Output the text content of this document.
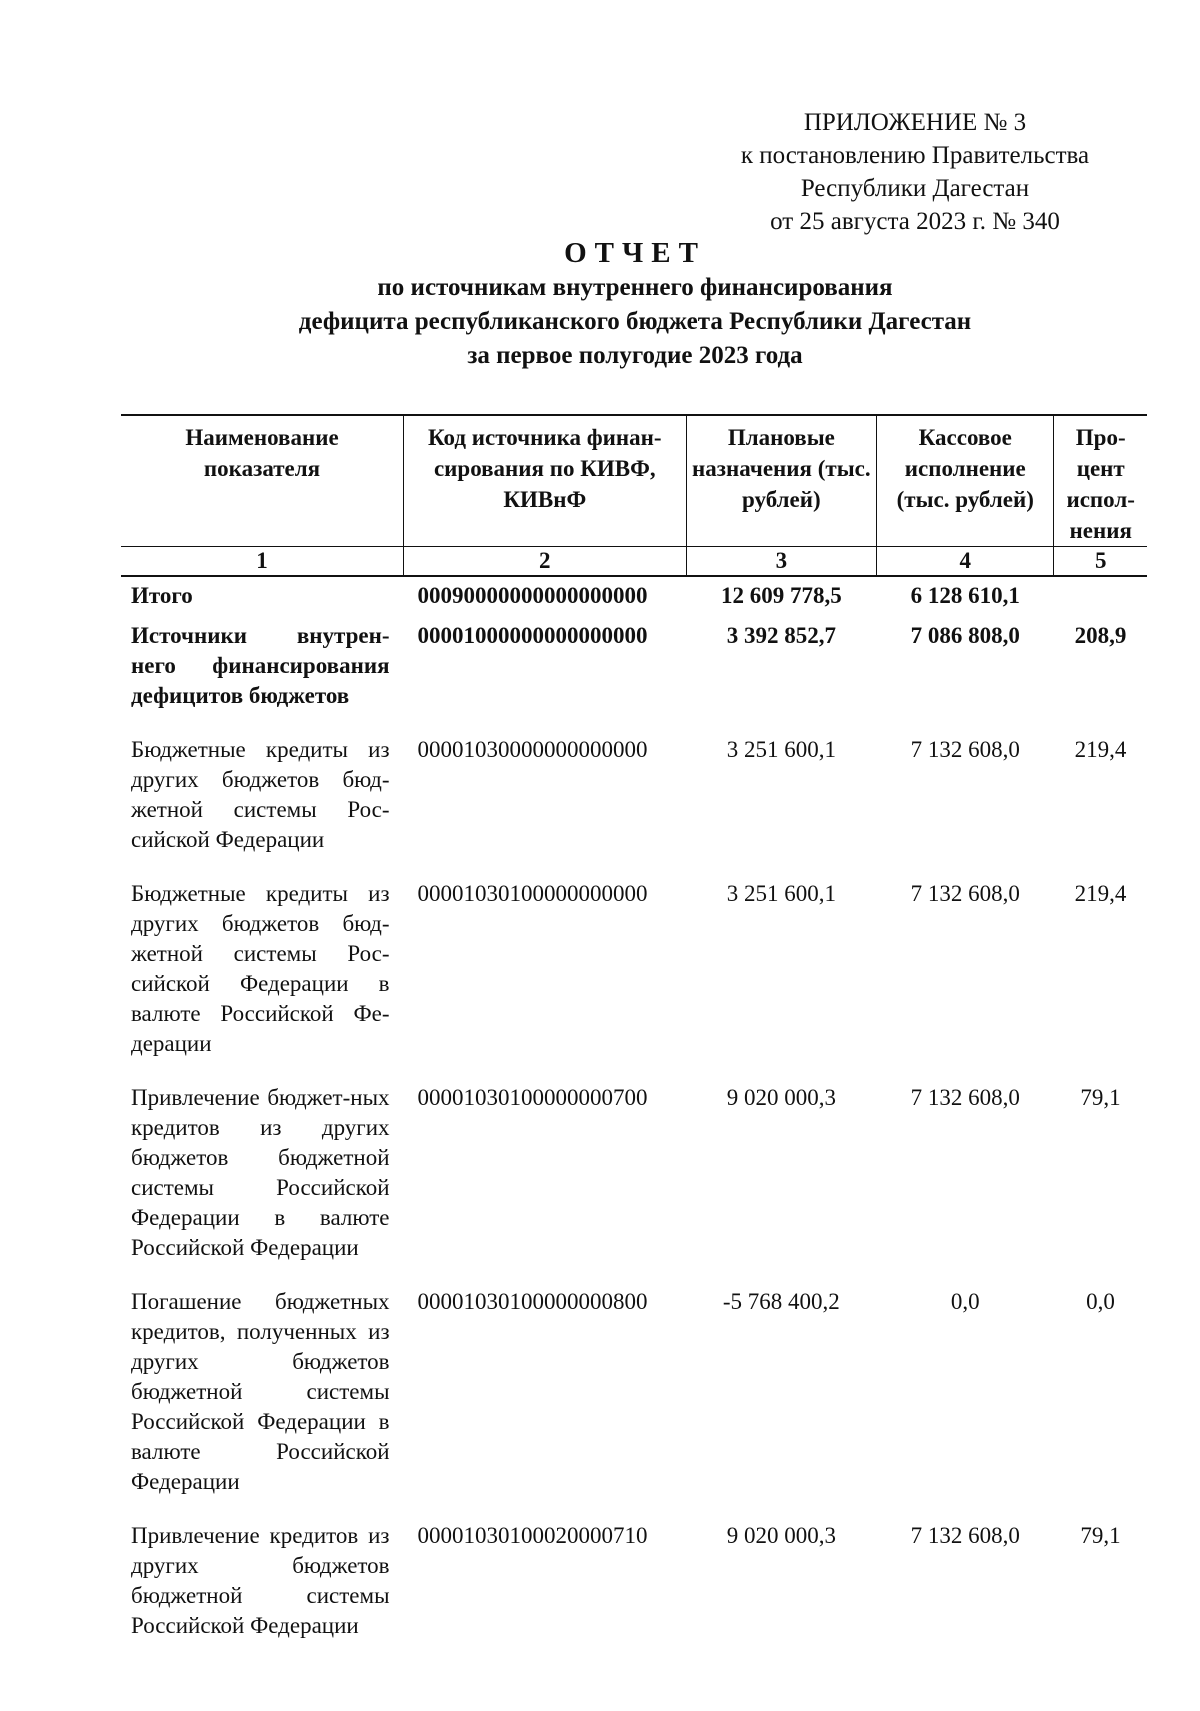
ПРИЛОЖЕНИЕ № 3
к постановлению Правительства
Республики Дагестан
от 25 августа 2023 г. № 340
ОТЧЕТ
по источникам внутреннего финансирования
дефицита республиканского бюджета Республики Дагестан
за первое полугодие 2023 года
Наименование показателя	Код источника финан-сирования по КИВФ, КИВнФ	Плановые назначения (тыс. рублей)	Кассовое исполнение (тыс. рублей)	Про-цент испол-нения
1	2	3	4	5
Итого	00090000000000000000	12 609 778,5	6 128 610,1	
Источники внутрен-него финансирования дефицитов бюджетов	00001000000000000000	3 392 852,7	7 086 808,0	208,9
Бюджетные кредиты из других бюджетов бюд-жетной системы Рос-сийской Федерации	00001030000000000000	3 251 600,1	7 132 608,0	219,4
Бюджетные кредиты из других бюджетов бюд-жетной системы Рос-сийской Федерации в валюте Российской Фе-дерации	00001030100000000000	3 251 600,1	7 132 608,0	219,4
Привлечение бюджет-ных кредитов из других бюджетов бюджетной системы Российской Федерации в валюте Российской Федерации	00001030100000000700	9 020 000,3	7 132 608,0	79,1
Погашение бюджетных кредитов, полученных из других бюджетов бюджетной системы Российской Федерации в валюте Российской Федерации	00001030100000000800	-5 768 400,2	0,0	0,0
Привлечение кредитов из других бюджетов бюджетной системы Российской Федерации	00001030100020000710	9 020 000,3	7 132 608,0	79,1
